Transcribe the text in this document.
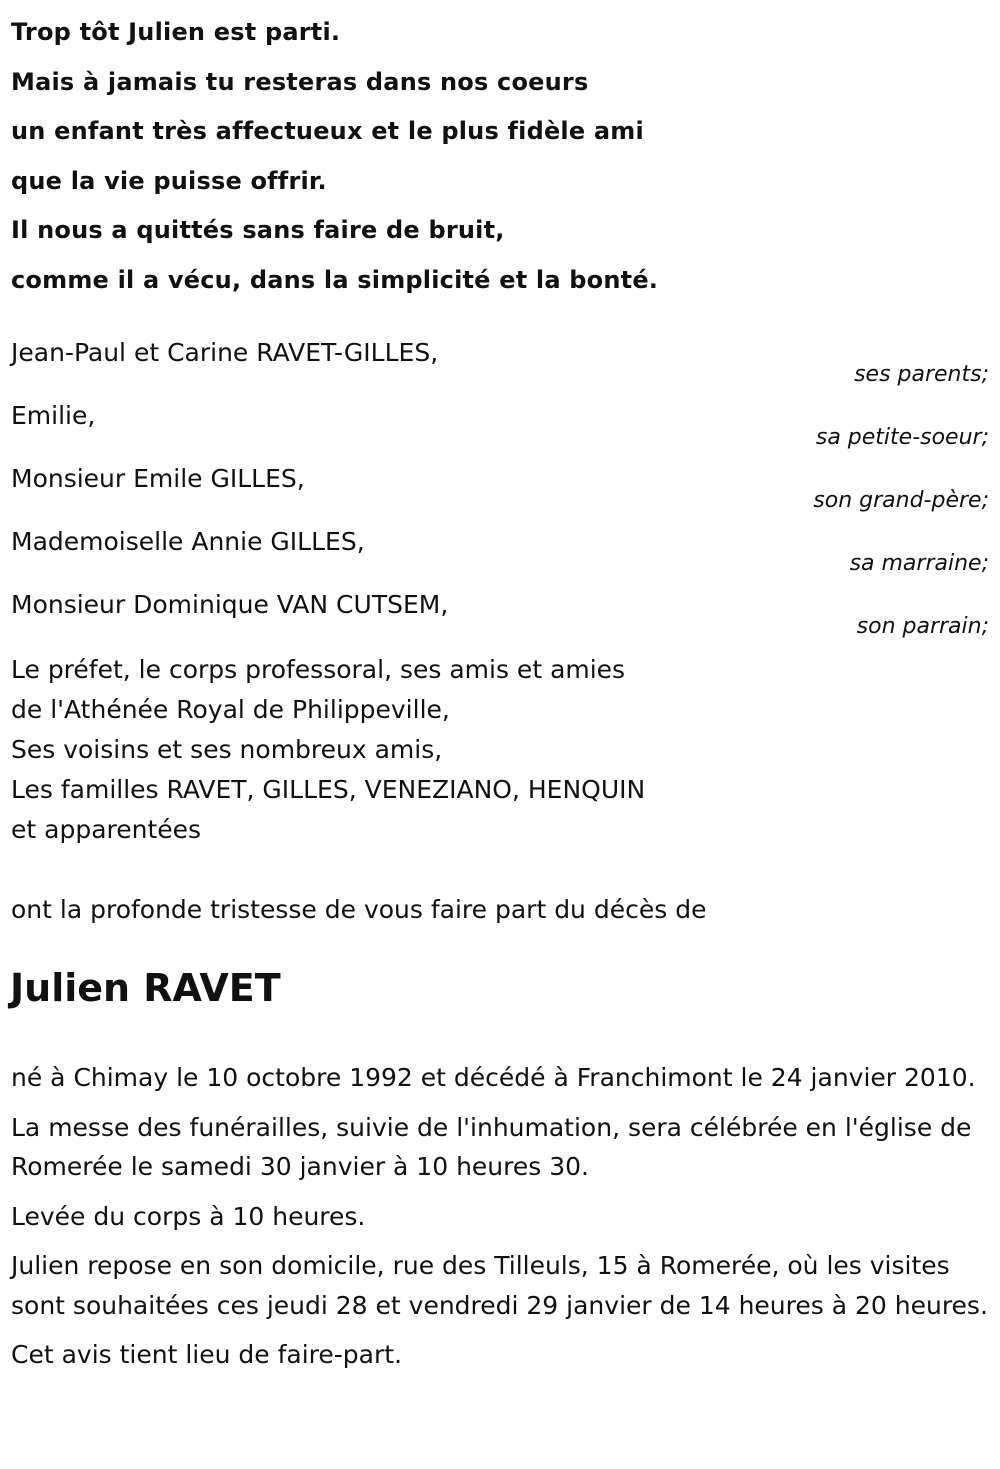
Trop tôt Julien est parti.
Mais à jamais tu resteras dans nos coeurs
un enfant très affectueux et le plus fidèle ami
que la vie puisse offrir.
Il nous a quittés sans faire de bruit,
comme il a vécu, dans la simplicité et la bonté.
Jean-Paul et Carine RAVET-GILLES,
ses parents;
Emilie,
sa petite-soeur;
Monsieur Emile GILLES,
son grand-père;
Mademoiselle Annie GILLES,
sa marraine;
Monsieur Dominique VAN CUTSEM,
son parrain;
Le préfet, le corps professoral, ses amis et amies
de l'Athénée Royal de Philippeville,
Ses voisins et ses nombreux amis,
Les familles RAVET, GILLES, VENEZIANO, HENQUIN
et apparentées
ont la profonde tristesse de vous faire part du décès de
Julien RAVET

né à Chimay le 10 octobre 1992 et décédé à Franchimont le 24 janvier 2010.

La messe des funérailles, suivie de l'inhumation, sera célébrée en l'église de Romerée le samedi 30 janvier à 10 heures 30.

Levée du corps à 10 heures.

Julien repose en son domicile, rue des Tilleuls, 15 à Romerée, où les visites sont souhaitées ces jeudi 28 et vendredi 29 janvier de 14 heures à 20 heures.

Cet avis tient lieu de faire-part.
